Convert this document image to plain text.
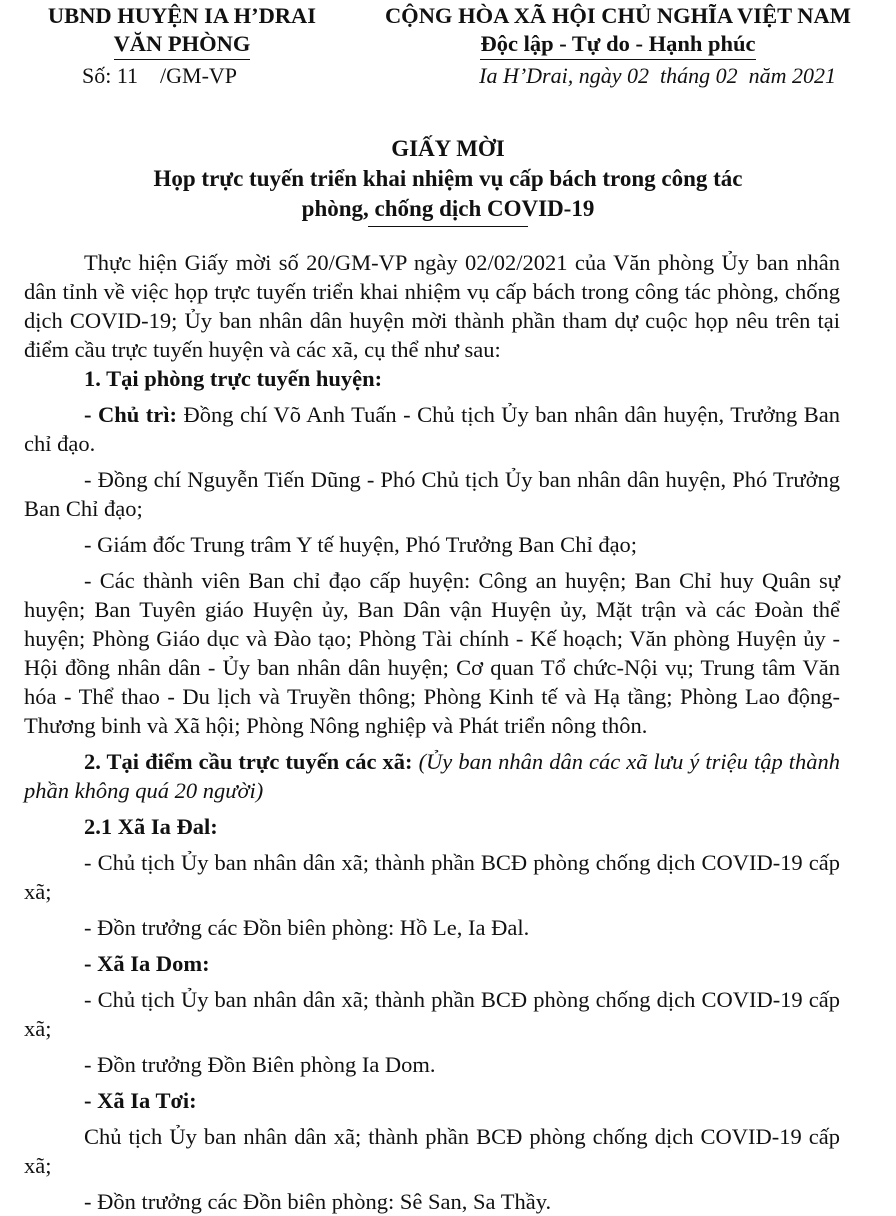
UBND HUYỆN IA H’DRAI
VĂN PHÒNG
CỘNG HÒA XÃ HỘI CHỦ NGHĨA VIỆT NAM
Độc lập - Tự do - Hạnh phúc
Số: 11    /GM-VP	Ia H’Drai, ngày 02  tháng 02  năm 2021
GIẤY MỜI
Họp trực tuyến triển khai nhiệm vụ cấp bách trong công tác
phòng, chống dịch COVID-19

Thực hiện Giấy mời số 20/GM-VP ngày 02/02/2021 của Văn phòng Ủy ban nhân dân tỉnh về việc họp trực tuyến triển khai nhiệm vụ cấp bách trong công tác phòng, chống dịch COVID-19; Ủy ban nhân dân huyện mời thành phần tham dự cuộc họp nêu trên tại điểm cầu trực tuyến huyện và các xã, cụ thể như sau:

1. Tại phòng trực tuyến huyện:

- Chủ trì: Đồng chí Võ Anh Tuấn - Chủ tịch Ủy ban nhân dân huyện, Trưởng Ban chỉ đạo.

- Đồng chí Nguyễn Tiến Dũng - Phó Chủ tịch Ủy ban nhân dân huyện, Phó Trưởng Ban Chỉ đạo;

- Giám đốc Trung trâm Y tế huyện, Phó Trưởng Ban Chỉ đạo;

- Các thành viên Ban chỉ đạo cấp huyện: Công an huyện; Ban Chỉ huy Quân sự huyện; Ban Tuyên giáo Huyện ủy, Ban Dân vận Huyện ủy, Mặt trận và các Đoàn thể huyện; Phòng Giáo dục và Đào tạo; Phòng Tài chính - Kế hoạch; Văn phòng Huyện ủy - Hội đồng nhân dân - Ủy ban nhân dân huyện; Cơ quan Tổ chức-Nội vụ; Trung tâm Văn hóa - Thể thao - Du lịch và Truyền thông; Phòng Kinh tế và Hạ tầng; Phòng Lao động- Thương binh và Xã hội; Phòng Nông nghiệp và Phát triển nông thôn.

2. Tại điểm cầu trực tuyến các xã: (Ủy ban nhân dân các xã lưu ý triệu tập thành phần không quá 20 người)

2.1 Xã Ia Đal:

- Chủ tịch Ủy ban nhân dân xã; thành phần BCĐ phòng chống dịch COVID-19 cấp xã;

- Đồn trưởng các Đồn biên phòng: Hồ Le, Ia Đal.

- Xã Ia Dom:

- Chủ tịch Ủy ban nhân dân xã; thành phần BCĐ phòng chống dịch COVID-19 cấp xã;

- Đồn trưởng Đồn Biên phòng Ia Dom.

- Xã Ia Tơi:

Chủ tịch Ủy ban nhân dân xã; thành phần BCĐ phòng chống dịch COVID-19 cấp xã;

- Đồn trưởng các Đồn biên phòng: Sê San, Sa Thầy.
